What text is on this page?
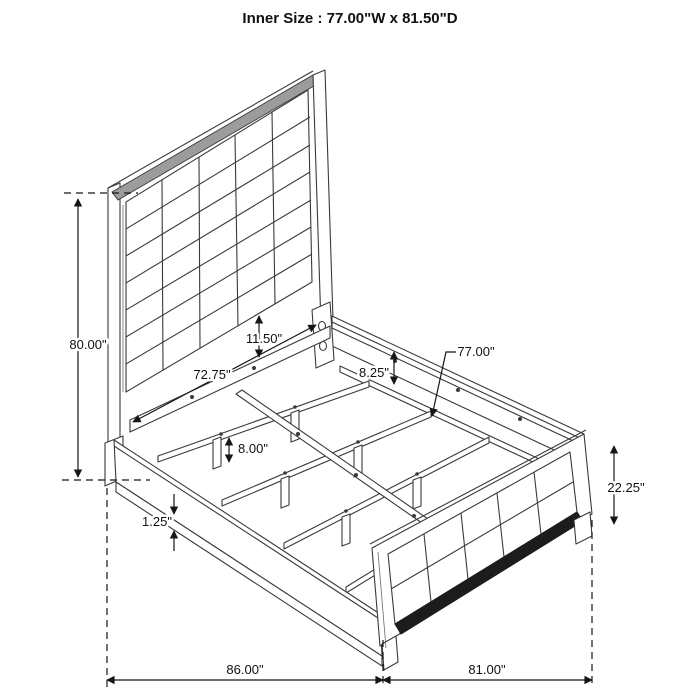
80.00"	11.50"
72.75"	8.25"
77.00"
8.00"
1.25"
22.25"
86.00"	81.00"
Inner Size : 77.00"W x 81.50"D
